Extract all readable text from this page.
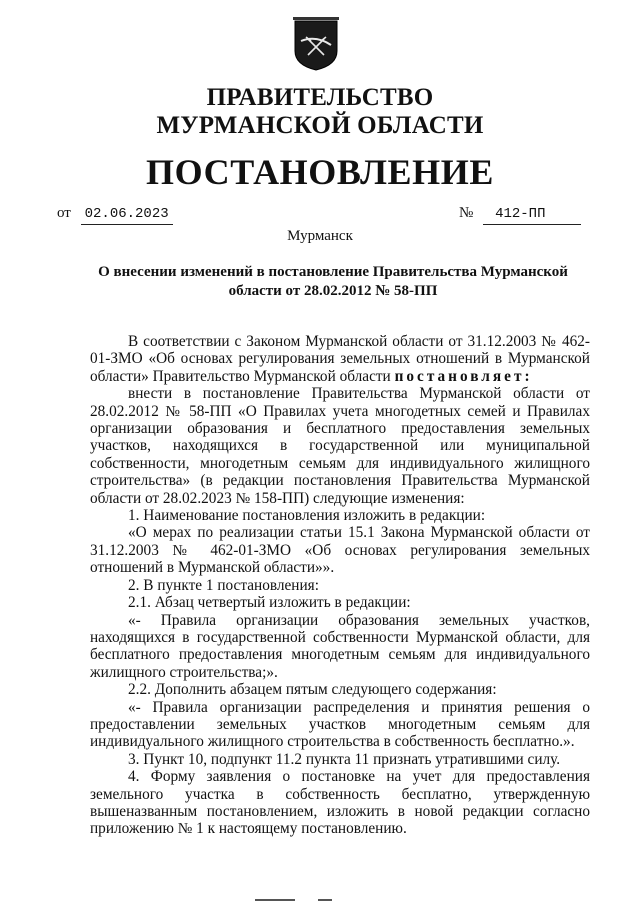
ПРАВИТЕЛЬСТВО
МУРМАНСКОЙ ОБЛАСТИ
ПОСТАНОВЛЕНИЕ
от 02.06.2023	№ 412-ПП
Мурманск
О внесении изменений в постановление Правительства Мурманской области от 28.02.2012 № 58-ПП

В соответствии с Законом Мурманской области от 31.12.2003 № 462-01-ЗМО «Об основах регулирования земельных отношений в Мурманской области» Правительство Мурманской области постановляет:

внести в постановление Правительства Мурманской области от 28.02.2012 № 58-ПП «О Правилах учета многодетных семей и Правилах организации образования и бесплатного предоставления земельных участков, находящихся в государственной или муниципальной собственности, многодетным семьям для индивидуального жилищного строительства» (в редакции постановления Правительства Мурманской области от 28.02.2023 № 158-ПП) следующие изменения:

1. Наименование постановления изложить в редакции:

«О мерах по реализации статьи 15.1 Закона Мурманской области от 31.12.2003 № 462-01-ЗМО «Об основах регулирования земельных отношений в Мурманской области»».

2. В пункте 1 постановления:

2.1. Абзац четвертый изложить в редакции:

«- Правила организации образования земельных участков, находящихся в государственной собственности Мурманской области, для бесплатного предоставления многодетным семьям для индивидуального жилищного строительства;».

2.2. Дополнить абзацем пятым следующего содержания:

«- Правила организации распределения и принятия решения о предоставлении земельных участков многодетным семьям для индивидуального жилищного строительства в собственность бесплатно.».

3. Пункт 10, подпункт 11.2 пункта 11 признать утратившими силу.

4. Форму заявления о постановке на учет для предоставления земельного участка в собственность бесплатно, утвержденную вышеназванным постановлением, изложить в новой редакции согласно приложению № 1 к настоящему постановлению.
